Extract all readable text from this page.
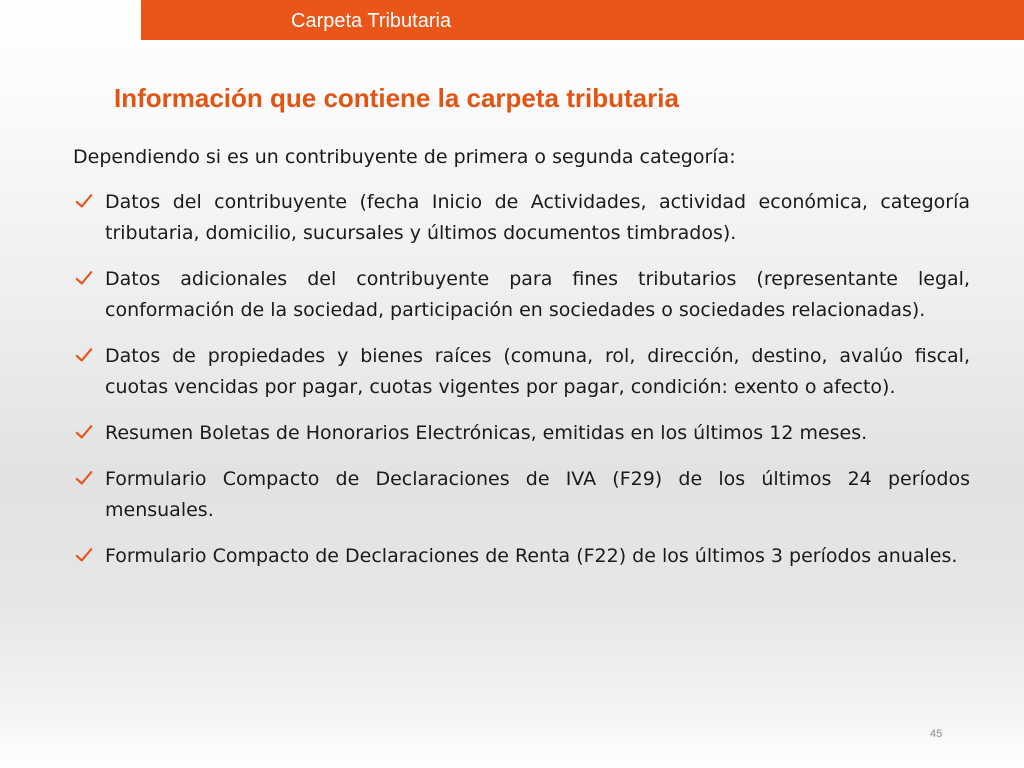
Carpeta Tributaria
Información que contiene la carpeta tributaria

Dependiendo si es un contribuyente de primera o segunda categoría:

Datos del contribuyente (fecha Inicio de Actividades, actividad económica, categoría tributaria, domicilio, sucursales y últimos documentos timbrados).
Datos adicionales del contribuyente para fines tributarios (representante legal, conformación de la sociedad, participación en sociedades o sociedades relacionadas).
Datos de propiedades y bienes raíces (comuna, rol, dirección, destino, avalúo fiscal, cuotas vencidas por pagar, cuotas vigentes por pagar, condición: exento o afecto).
Resumen Boletas de Honorarios Electrónicas, emitidas en los últimos 12 meses.
Formulario Compacto de Declaraciones de IVA (F29) de los últimos 24 períodos mensuales.
Formulario Compacto de Declaraciones de Renta (F22) de los últimos 3 períodos anuales.
45
